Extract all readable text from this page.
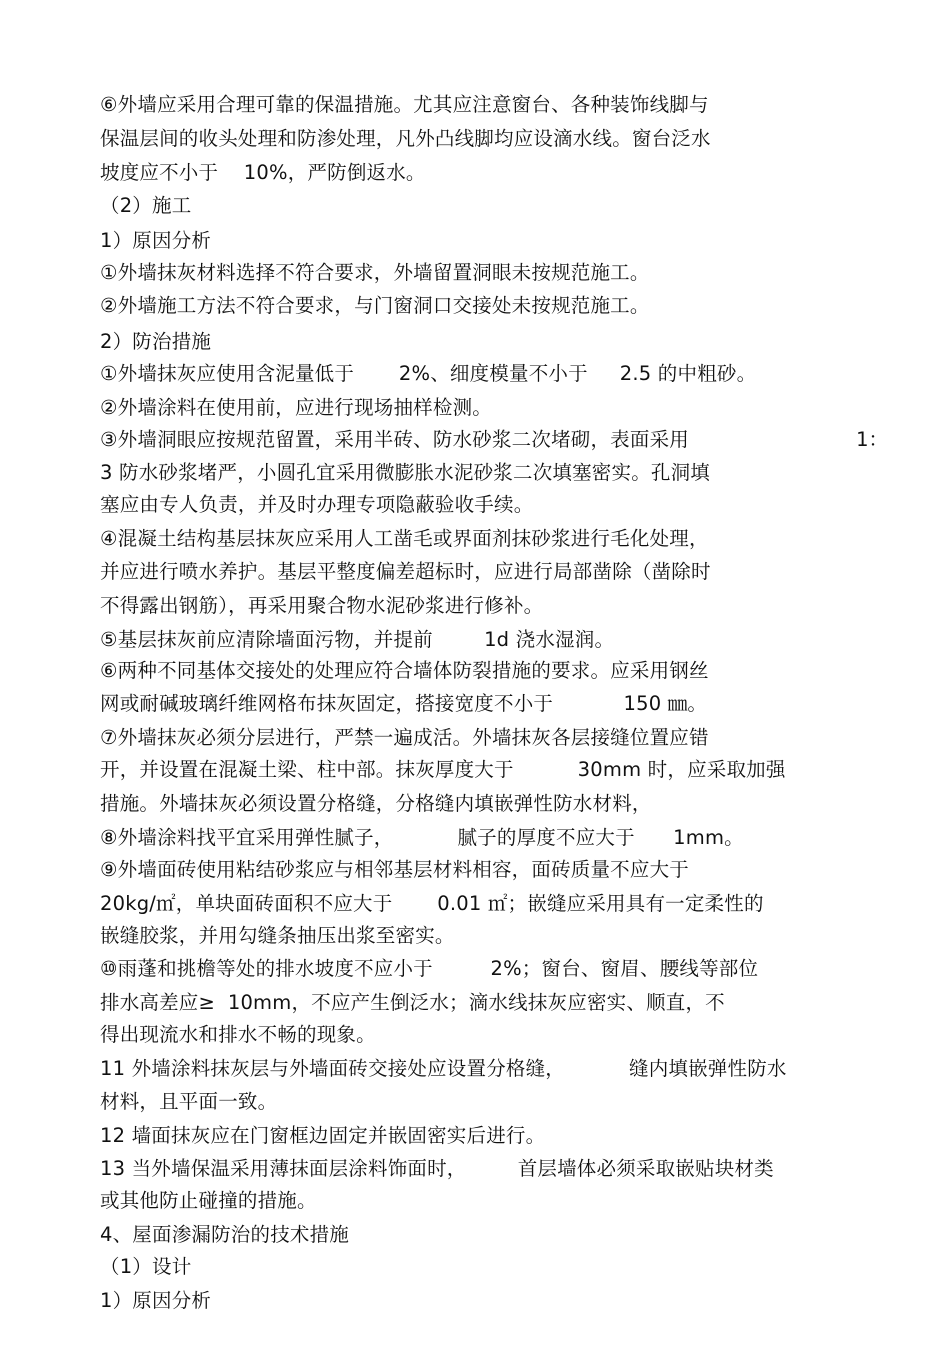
⑥外墙应采用合理可靠的保温措施。尤其应注意窗台、各种装饰线脚与
保温层间的收头处理和防渗处理，凡外凸线脚均应设滴水线。窗台泛水
坡度应不小于    10%，严防倒返水。
（2）施工
1）原因分析
①外墙抹灰材料选择不符合要求，外墙留置洞眼未按规范施工。
②外墙施工方法不符合要求，与门窗洞口交接处未按规范施工。
2）防治措施
①外墙抹灰应使用含泥量低于       2%、细度模量不小于     2.5 的中粗砂。
②外墙涂料在使用前，应进行现场抽样检测。
③外墙洞眼应按规范留置，采用半砖、防水砂浆二次堵砌，表面采用	1：
3 防水砂浆堵严，小圆孔宜采用微膨胀水泥砂浆二次填塞密实。孔洞填
塞应由专人负责，并及时办理专项隐蔽验收手续。
④混凝土结构基层抹灰应采用人工凿毛或界面剂抹砂浆进行毛化处理，
并应进行喷水养护。基层平整度偏差超标时，应进行局部凿除（凿除时
不得露出钢筋），再采用聚合物水泥砂浆进行修补。
⑤基层抹灰前应清除墙面污物，并提前        1d 浇水湿润。
⑥两种不同基体交接处的处理应符合墙体防裂措施的要求。应采用钢丝
网或耐碱玻璃纤维网格布抹灰固定，搭接宽度不小于           150 ㎜。
⑦外墙抹灰必须分层进行，严禁一遍成活。外墙抹灰各层接缝位置应错
开，并设置在混凝土梁、柱中部。抹灰厚度大于          30mm 时，应采取加强
措施。外墙抹灰必须设置分格缝，分格缝内填嵌弹性防水材料，
⑧外墙涂料找平宜采用弹性腻子，          腻子的厚度不应大于      1mm。
⑨外墙面砖使用粘结砂浆应与相邻基层材料相容，面砖质量不应大于
20kg/㎡，单块面砖面积不应大于       0.01 ㎡；嵌缝应采用具有一定柔性的
嵌缝胶浆，并用勾缝条抽压出浆至密实。
⑩雨蓬和挑檐等处的排水坡度不应小于         2%；窗台、窗眉、腰线等部位
排水高差应≥  10mm，不应产生倒泛水；滴水线抹灰应密实、顺直，不
得出现流水和排水不畅的现象。
11 外墙涂料抹灰层与外墙面砖交接处应设置分格缝，          缝内填嵌弹性防水
材料，且平面一致。
12 墙面抹灰应在门窗框边固定并嵌固密实后进行。
13 当外墙保温采用薄抹面层涂料饰面时，        首层墙体必须采取嵌贴块材类
或其他防止碰撞的措施。
4、屋面渗漏防治的技术措施
（1）设计
1）原因分析
